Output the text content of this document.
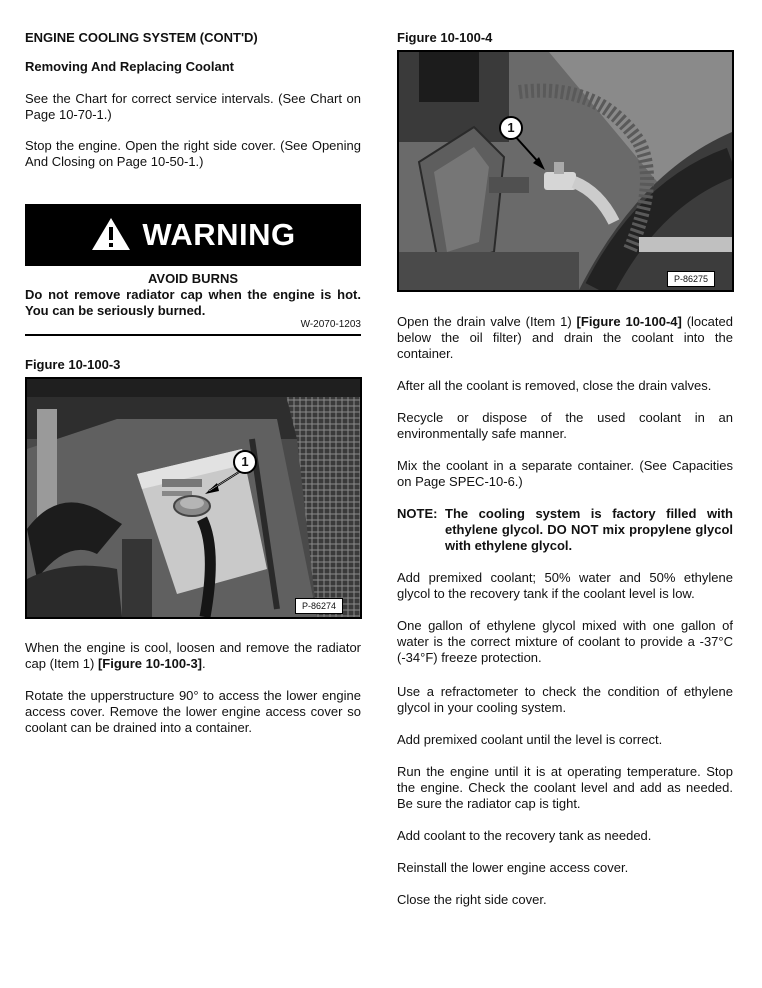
ENGINE COOLING SYSTEM (CONT'D)
Removing And Replacing Coolant

See the Chart for correct service intervals. (See Chart on Page 10-70-1.)

Stop the engine. Open the right side cover. (See Opening And Closing on Page 10-50-1.)

WARNING
AVOID BURNS
Do not remove radiator cap when the engine is hot. You can be seriously burned.
W-2070-1203
Figure 10-100-3
1
P-86274

When the engine is cool, loosen and remove the radiator cap (Item 1) [Figure 10-100-3].

Rotate the upperstructure 90° to access the lower engine access cover. Remove the lower engine access cover so coolant can be drained into a container.

Figure 10-100-4
1
P-86275

Open the drain valve (Item 1) [Figure 10-100-4] (located below the oil filter) and drain the coolant into the container.

After all the coolant is removed, close the drain valves.

Recycle or dispose of the used coolant in an environmentally safe manner.

Mix the coolant in a separate container. (See Capacities on Page SPEC-10-6.)

NOTE: The cooling system is factory filled with ethylene glycol. DO NOT mix propylene glycol with ethylene glycol.

Add premixed coolant; 50% water and 50% ethylene glycol to the recovery tank if the coolant level is low.

One gallon of ethylene glycol mixed with one gallon of water is the correct mixture of coolant to provide a -37°C (-34°F) freeze protection.

Use a refractometer to check the condition of ethylene glycol in your cooling system.

Add premixed coolant until the level is correct.

Run the engine until it is at operating temperature. Stop the engine. Check the coolant level and add as needed. Be sure the radiator cap is tight.

Add coolant to the recovery tank as needed.

Reinstall the lower engine access cover.

Close the right side cover.
